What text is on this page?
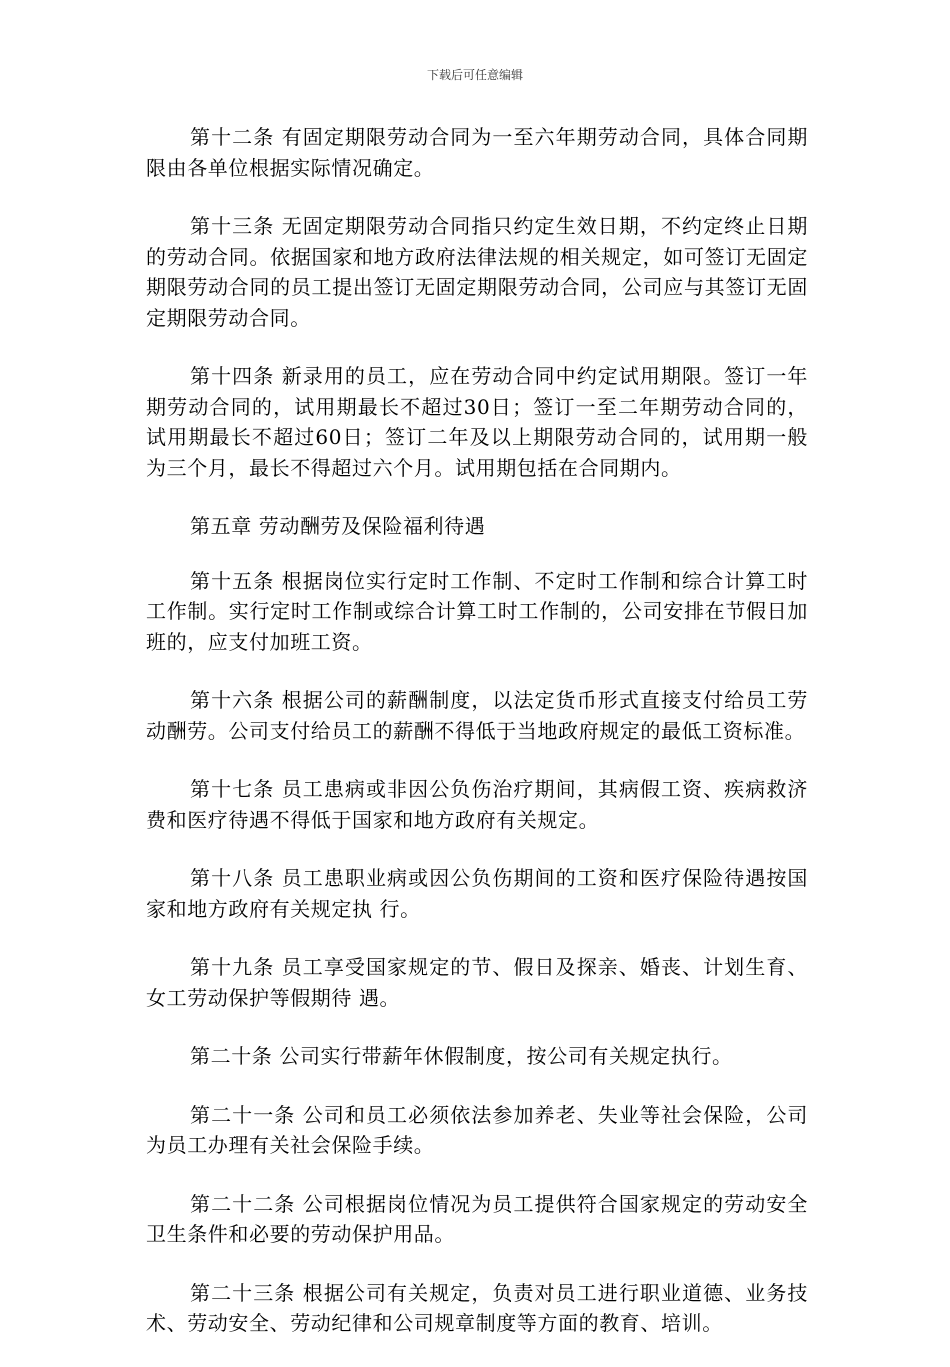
下载后可任意编辑

第十二条 有固定期限劳动合同为一至六年期劳动合同，具体合同期限由各单位根据实际情况确定。

第十三条 无固定期限劳动合同指只约定生效日期，不约定终止日期的劳动合同。依据国家和地方政府法律法规的相关规定，如可签订无固定期限劳动合同的员工提出签订无固定期限劳动合同，公司应与其签订无固定期限劳动合同。

第十四条 新录用的员工，应在劳动合同中约定试用期限。签订一年期劳动合同的，试用期最长不超过30日；签订一至二年期劳动合同的，试用期最长不超过60日；签订二年及以上期限劳动合同的，试用期一般为三个月，最长不得超过六个月。试用期包括在合同期内。

第五章 劳动酬劳及保险福利待遇

第十五条 根据岗位实行定时工作制、不定时工作制和综合计算工时工作制。实行定时工作制或综合计算工时工作制的，公司安排在节假日加班的，应支付加班工资。

第十六条 根据公司的薪酬制度，以法定货币形式直接支付给员工劳动酬劳。公司支付给员工的薪酬不得低于当地政府规定的最低工资标准。

第十七条 员工患病或非因公负伤治疗期间，其病假工资、疾病救济费和医疗待遇不得低于国家和地方政府有关规定。

第十八条 员工患职业病或因公负伤期间的工资和医疗保险待遇按国家和地方政府有关规定执 行。

第十九条 员工享受国家规定的节、假日及探亲、婚丧、计划生育、女工劳动保护等假期待 遇。

第二十条 公司实行带薪年休假制度，按公司有关规定执行。

第二十一条 公司和员工必须依法参加养老、失业等社会保险，公司为员工办理有关社会保险手续。

第二十二条 公司根据岗位情况为员工提供符合国家规定的劳动安全卫生条件和必要的劳动保护用品。

第二十三条 根据公司有关规定，负责对员工进行职业道德、业务技术、劳动安全、劳动纪律和公司规章制度等方面的教育、培训。
